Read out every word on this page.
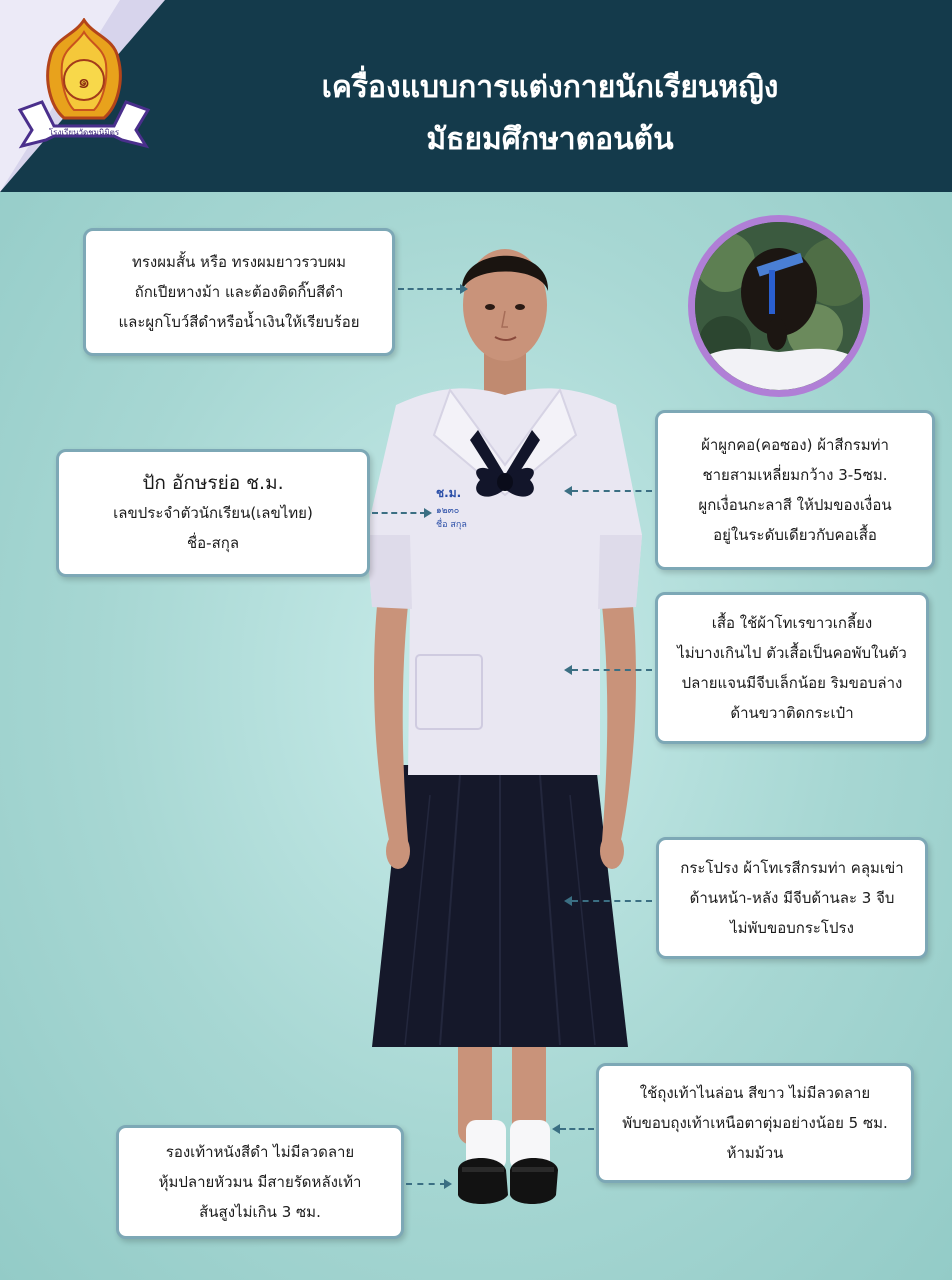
๑
โรงเรียนวัดชมนิมิตร
เครื่องแบบการแต่งกายนักเรียนหญิง
มัธยมศึกษาตอนต้น
ช.ม.
๑๒๓๐
ชื่อ สกุล
ทรงผมสั้น หรือ ทรงผมยาวรวบผม
ถักเปียหางม้า และต้องติดกิ๊บสีดำ
และผูกโบว์สีดำหรือน้ำเงินให้เรียบร้อย
ปัก อักษรย่อ ช.ม.
เลขประจำตัวนักเรียน(เลขไทย)
ชื่อ-สกุล
ผ้าผูกคอ(คอซอง) ผ้าสีกรมท่า
ชายสามเหลี่ยมกว้าง 3-5ซม.
ผูกเงื่อนกะลาสี ให้ปมของเงื่อน
อยู่ในระดับเดียวกับคอเสื้อ
เสื้อ ใช้ผ้าโทเรขาวเกลี้ยง
ไม่บางเกินไป ตัวเสื้อเป็นคอพับในตัว
ปลายแจนมีจีบเล็กน้อย ริมขอบล่าง
ด้านขวาติดกระเป๋า
กระโปรง ผ้าโทเรสีกรมท่า คลุมเข่า
ด้านหน้า-หลัง มีจีบด้านละ 3 จีบ
ไม่พับขอบกระโปรง
ใช้ถุงเท้าไนล่อน สีขาว ไม่มีลวดลาย
พับขอบถุงเท้าเหนือตาตุ่มอย่างน้อย 5 ซม.
ห้ามม้วน
รองเท้าหนังสีดำ ไม่มีลวดลาย
หุ้มปลายหัวมน มีสายรัดหลังเท้า
ส้นสูงไม่เกิน 3 ซม.
